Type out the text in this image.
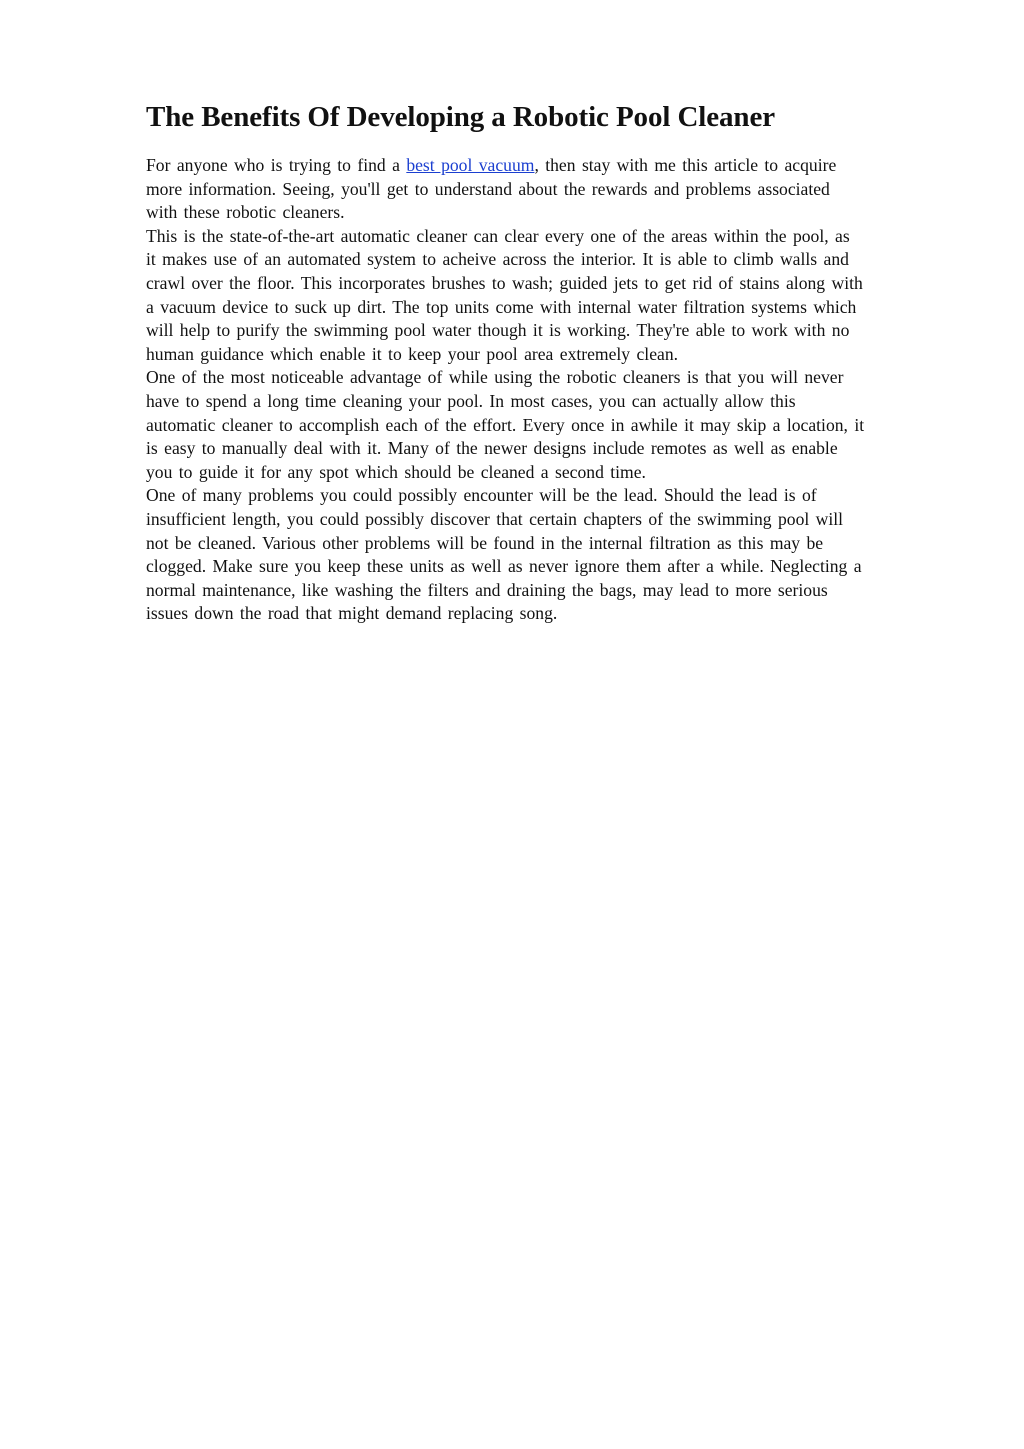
The Benefits Of Developing a Robotic Pool Cleaner

For anyone who is trying to find a best pool vacuum, then stay with me this article to acquire
more information. Seeing, you'll get to understand about the rewards and problems associated
with these robotic cleaners.

This is the state-of-the-art automatic cleaner can clear every one of the areas within the pool, as
it makes use of an automated system to acheive across the interior. It is able to climb walls and
crawl over the floor. This incorporates brushes to wash; guided jets to get rid of stains along with
a vacuum device to suck up dirt. The top units come with internal water filtration systems which
will help to purify the swimming pool water though it is working. They're able to work with no
human guidance which enable it to keep your pool area extremely clean.

One of the most noticeable advantage of while using the robotic cleaners is that you will never
have to spend a long time cleaning your pool. In most cases, you can actually allow this
automatic cleaner to accomplish each of the effort. Every once in awhile it may skip a location, it
is easy to manually deal with it. Many of the newer designs include remotes as well as enable
you to guide it for any spot which should be cleaned a second time.

One of many problems you could possibly encounter will be the lead. Should the lead is of
insufficient length, you could possibly discover that certain chapters of the swimming pool will
not be cleaned. Various other problems will be found in the internal filtration as this may be
clogged. Make sure you keep these units as well as never ignore them after a while. Neglecting a
normal maintenance, like washing the filters and draining the bags, may lead to more serious
issues down the road that might demand replacing song.
